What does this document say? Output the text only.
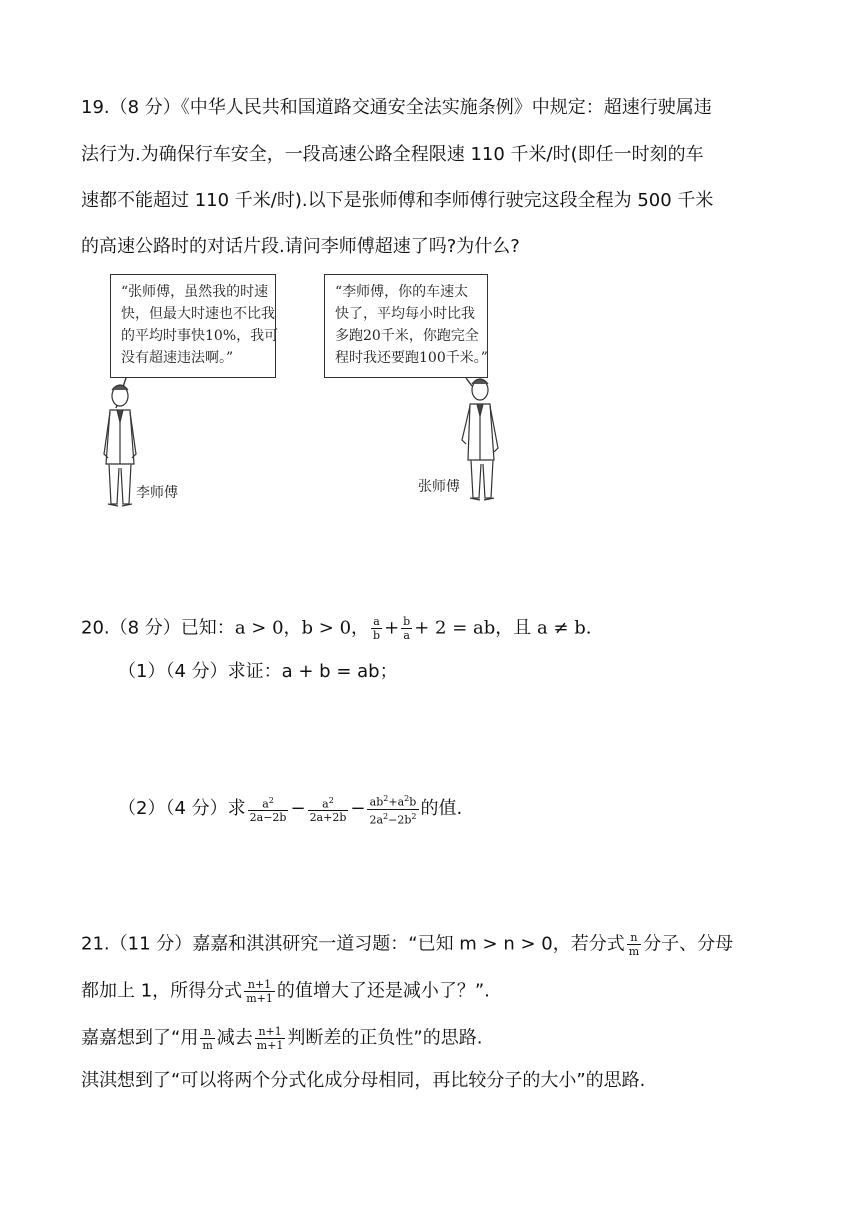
19.（8 分）《中华人民共和国道路交通安全法实施条例》中规定：超速行驶属违
法行为.为确保行车安全，一段高速公路全程限速 110 千米/时(即任一时刻的车
速都不能超过 110 千米/时).以下是张师傅和李师傅行驶完这段全程为 500 千米
的高速公路时的对话片段.请问李师傅超速了吗?为什么?
“张师傅，虽然我的时速
快，但最大时速也不比我
的平均时事快10%，我可
没有超速违法啊。”
“李师傅，你的车速太
快了，平均每小时比我
多跑20千米，你跑完全
程时我还要跑100千米。”
李师傅	张师傅
20.（8 分）已知：a > 0，b > 0， $\frac{a}{b} + \frac{b}{a} + 2$ = ab，且 a ≠ b.
（1）（4 分）求证：a + b = ab；
（2）（4 分）求 $\frac{a^2}{2a-2b} - \frac{a^2}{2a+2b} - \frac{ab^2+a^2b}{2a^2-2b^2}$ 的值.
21.（11 分）嘉嘉和淇淇研究一道习题：“已知 m > n > 0，若分式 $\frac{n}{m}$ 分子、分母
都加上 1，所得分式 $\frac{n+1}{m+1}$ 的值增大了还是减小了？”.
嘉嘉想到了“用 $\frac{n}{m}$ 减去 $\frac{n+1}{m+1}$ 判断差的正负性”的思路.
淇淇想到了“可以将两个分式化成分母相同，再比较分子的大小”的思路.
